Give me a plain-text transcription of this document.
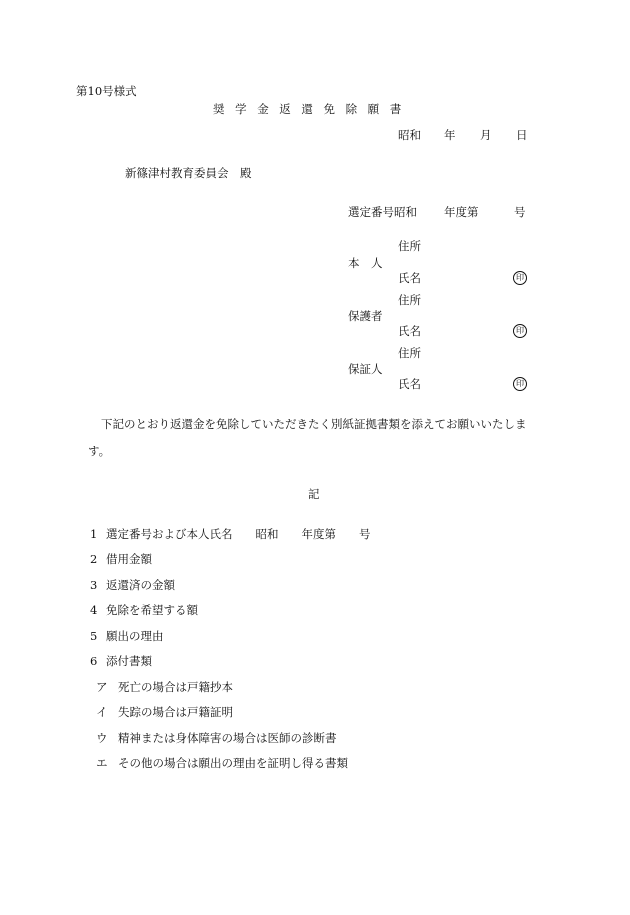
第10号様式
奨 学 金 返 還 免 除 願 書
昭和 年 月 日
新篠津村教育委員会　殿
選定番号昭和 年度第	号
住所
本　人
氏名	印
住所
保護者
氏名	印
住所
保証人
氏名	印
下記のとおり返還金を免除していただきたく別紙証拠書類を添えてお願いいたしま
す。
記
1 選定番号および本人氏名　　昭和　　年度第　　号
2 借用金額
3 返還済の金額
4 免除を希望する額
5 願出の理由
6 添付書類
ア 死亡の場合は戸籍抄本
イ 失踪の場合は戸籍証明
ウ 精神または身体障害の場合は医師の診断書
エ その他の場合は願出の理由を証明し得る書類
